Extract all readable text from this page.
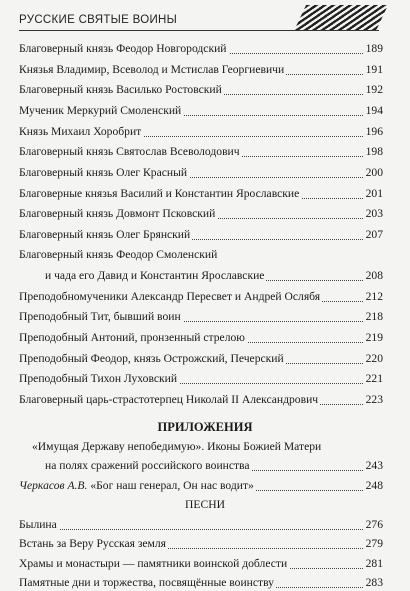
РУССКИЕ СВЯТЫЕ ВОИНЫ
Благоверный князь Феодор Новгородский	189
Князья Владимир, Всеволод и Мстислав Георгиевичи	191
Благоверный князь Василько Ростовский	192
Мученик Меркурий Смоленский	194
Князь Михаил Хоробрит	196
Благоверный князь Святослав Всеволодович	198
Благоверный князь Олег Красный	200
Благоверные князья Василий и Константин Ярославские	201
Благоверный князь Довмонт Псковский	203
Благоверный князь Олег Брянский	207
Благоверный князь Феодор Смоленский
и чада его Давид и Константин Ярославские	208
Преподобномученики Александр Пересвет и Андрей Ослябя	212
Преподобный Тит, бывший воин	218
Преподобный Антоний, пронзенный стрелою	219
Преподобный Феодор, князь Острожский, Печерский	220
Преподобный Тихон Луховский	221
Благоверный царь-страстотерпец Николай II Александрович	223
ПРИЛОЖЕНИЯ
«Имущая Державу непобедимую». Иконы Божией Матери
на полях сражений российского воинства	243
Черкасов А.В. «Бог наш генерал, Он нас водит»	248
ПЕСНИ
Былина	276
Встань за Веру Русская земля	279
Храмы и монастыри — памятники воинской доблести	281
Памятные дни и торжества, посвящённые воинству	283
